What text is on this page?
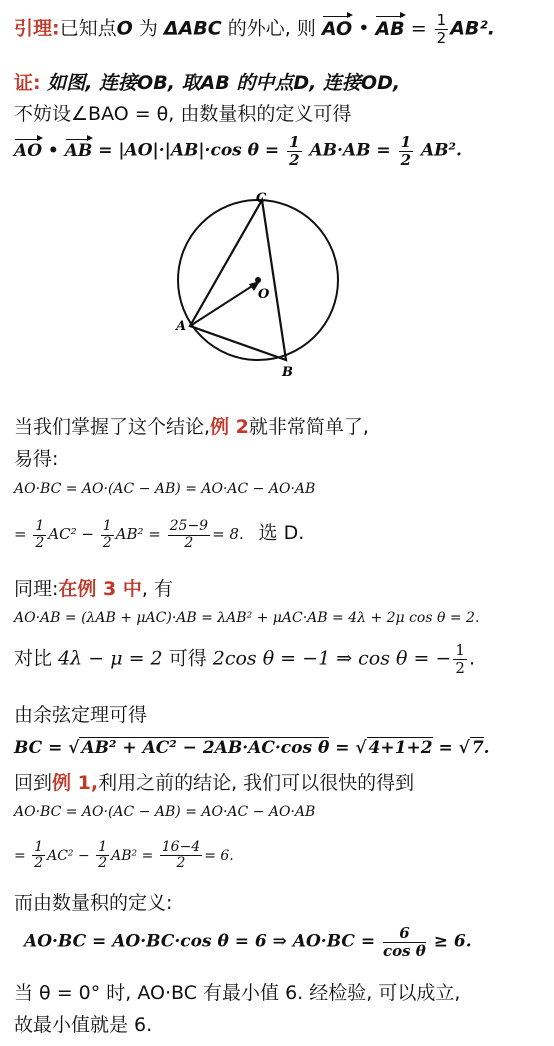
引理:已知点O 为 ΔABC 的外心, 则 AO • AB = $\frac{1}{2} AB^2$.
证: 如图, 连接OB, 取AB 的中点D, 连接OD,
不妨设∠BAO = θ, 由数量积的定义可得
AO • AB = |AO|·|AB|·cos $\theta = \frac{1}{2} AB\cdot AB = \frac{1}{2} AB^2$.
C
O
A
B
当我们掌握了这个结论,例 2就非常简单了,
易得:
AO·BC = AO·(AC − AB) = AO·AC − AO·AB
= $\frac{1}{2} AC^2 - \frac{1}{2} AB^2 = \frac{25-9}{2} = 8$. 选 D.
同理:在例 3 中, 有
AO·AB = (λAB + μAC)·AB = λAB² + μAC·AB = 4λ + 2μ cos θ = 2.
对比 4λ − μ = 2 可得 2cos θ = −1 ⇒ cos θ = − $\frac{1}{2}$ .
由余弦定理可得
BC = √ AB² + AC² − 2AB·AC·cos θ = √ 4+1+2 = √ 7.
回到例 1,利用之前的结论, 我们可以很快的得到
AO·BC = AO·(AC − AB) = AO·AC − AO·AB
= $\frac{1}{2} AC^2 - \frac{1}{2} AB^2 = \frac{16-4}{2} = 6$.
而由数量积的定义:
AO·BC = AO·BC·cos θ = 6 ⇒ $AO\cdot BC = \frac{6}{\text{cos θ}} \ge 6$.
当 θ = 0° 时, AO·BC 有最小值 6. 经检验, 可以成立,
故最小值就是 6.
